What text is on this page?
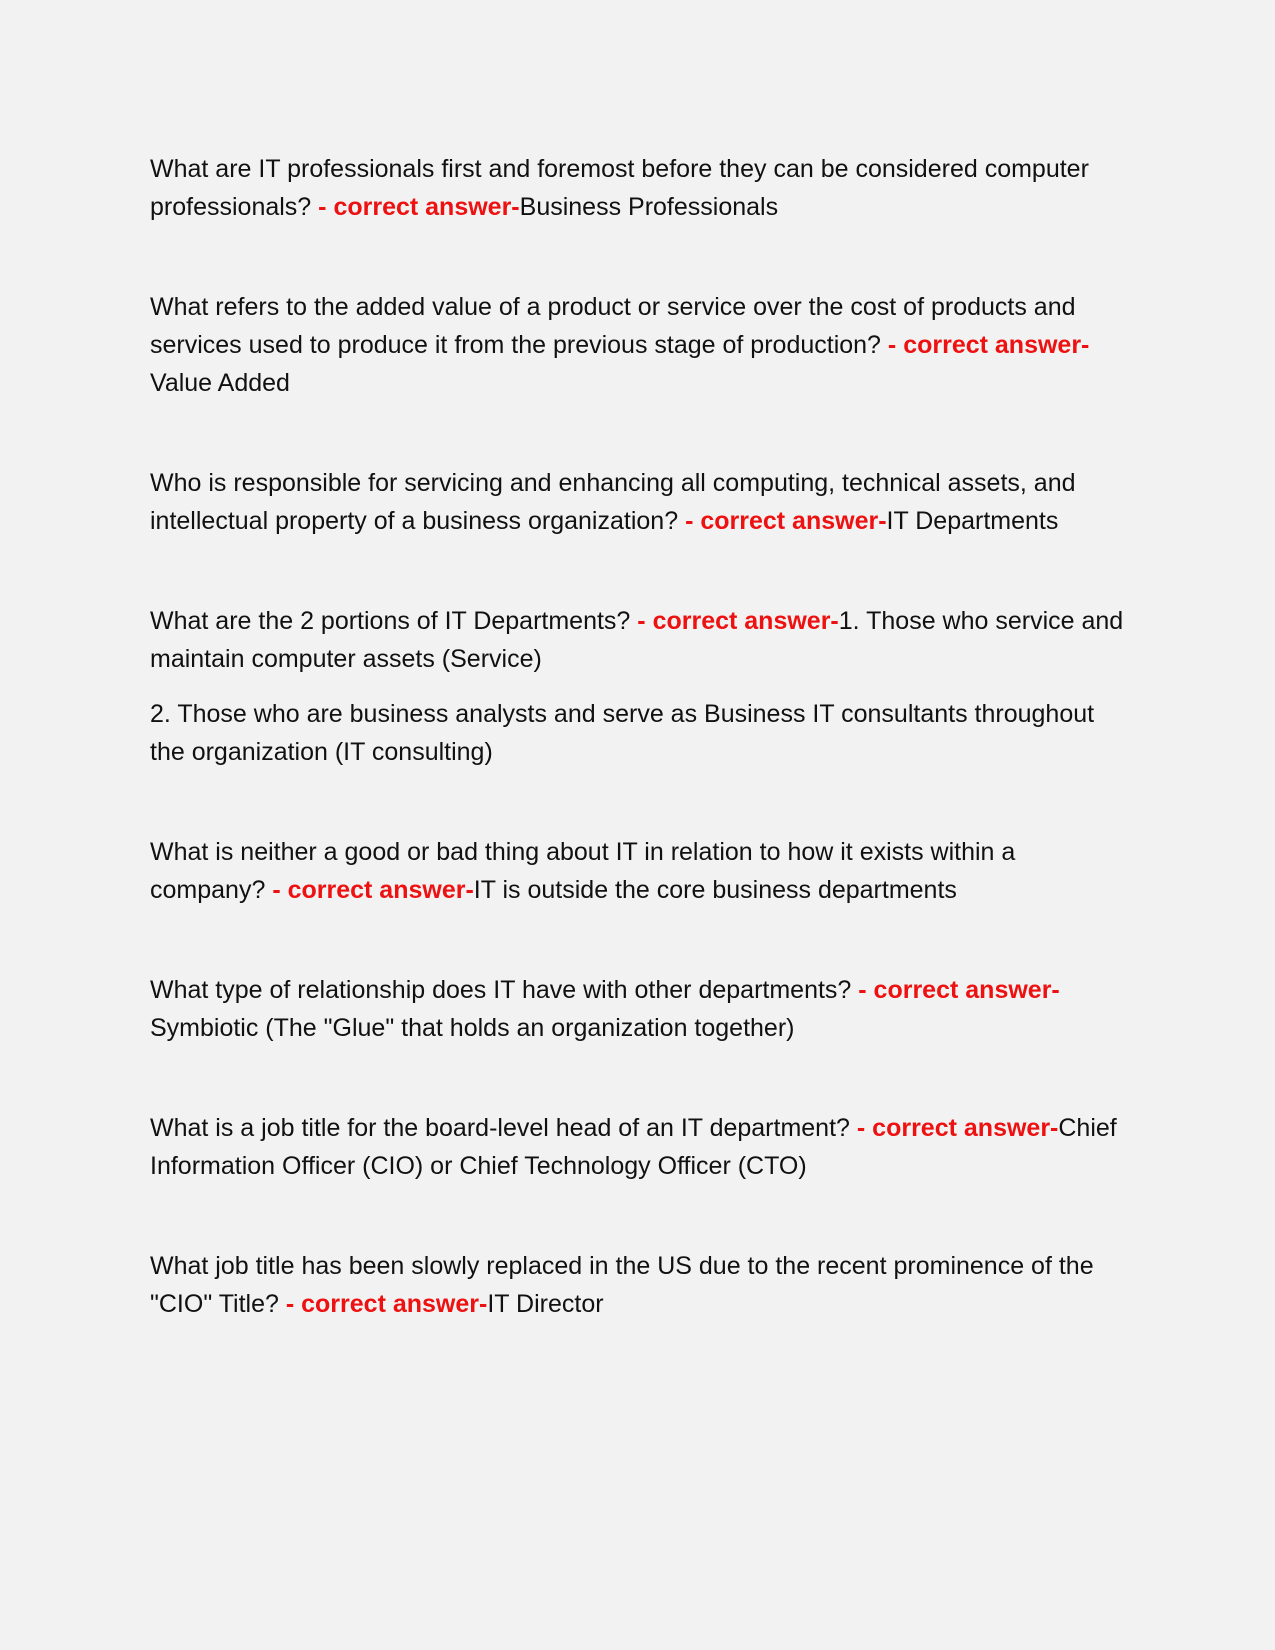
What are IT professionals first and foremost before they can be considered computer professionals? - correct answer-Business Professionals

What refers to the added value of a product or service over the cost of products and services used to produce it from the previous stage of production? - correct answer-Value Added

Who is responsible for servicing and enhancing all computing, technical assets, and intellectual property of a business organization? - correct answer-IT Departments

What are the 2 portions of IT Departments? - correct answer-1. Those who service and maintain computer assets (Service)

2. Those who are business analysts and serve as Business IT consultants throughout the organization (IT consulting)

What is neither a good or bad thing about IT in relation to how it exists within a company? - correct answer-IT is outside the core business departments

What type of relationship does IT have with other departments? - correct answer-Symbiotic (The "Glue" that holds an organization together)

What is a job title for the board-level head of an IT department? - correct answer-Chief Information Officer (CIO) or Chief Technology Officer (CTO)

What job title has been slowly replaced in the US due to the recent prominence of the "CIO" Title? - correct answer-IT Director
